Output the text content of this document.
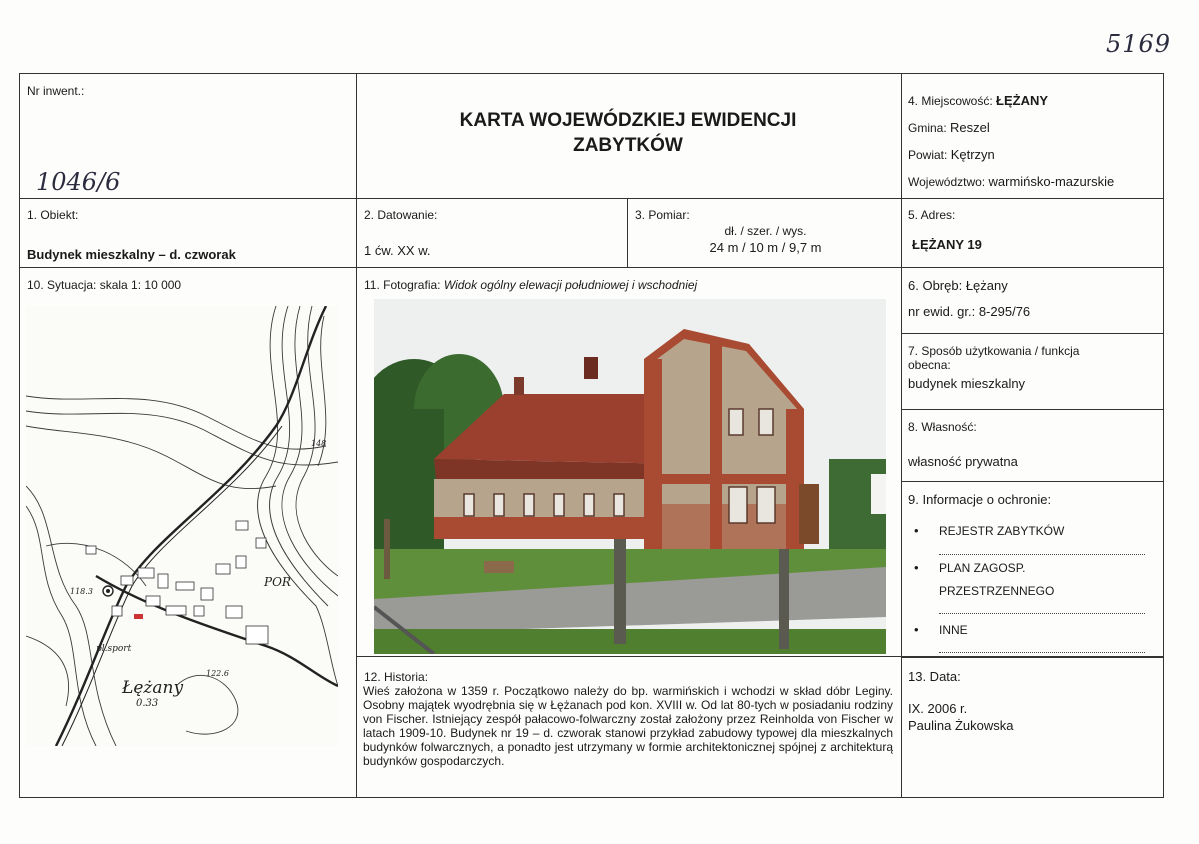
5169
1046/6
Nr inwent.:
KARTA WOJEWÓDZKIEJ EWIDENCJI
ZABYTKÓW
4. Miejscowość: ŁĘŻANY
Gmina: Reszel
Powiat: Kętrzyn
Województwo: warmińsko-mazurskie
1. Obiekt:
Budynek mieszkalny – d. czworak
2. Datowanie:
1 ćw. XX w.
3. Pomiar:
dł. / szer. / wys.
24 m / 10 m / 9,7 m
5. Adres:
ŁĘŻANY 19
10. Sytuacja: skala 1: 10 000
Łężany
0.33
pl.sport
POR
148
122.6
118.3
11. Fotografia: Widok ogólny elewacji południowej i wschodniej	6. Obręb: Łężany
nr ewid. gr.: 8-295/76
7. Sposób użytkowania / funkcja
obecna:
budynek mieszkalny
8. Własność:
własność prywatna
9. Informacje o ochronie:
• REJESTR ZABYTKÓW
• PLAN ZAGOSP.
PRZESTRZENNEGO
• INNE
12. Historia:
Wieś założona w 1359 r. Początkowo należy do bp. warmińskich i wchodzi w skład dóbr Leginy. Osobny majątek wyodrębnia się w Łężanach pod kon. XVIII w. Od lat 80-tych w posiadaniu rodziny von Fischer. Istniejący zespół pałacowo-folwarczny został założony przez Reinholda von Fischer w latach 1909-10. Budynek nr 19 – d. czworak stanowi przykład zabudowy typowej dla mieszkalnych budynków folwarcznych, a ponadto jest utrzymany w formie architektonicznej spójnej z architekturą budynków gospodarczych.
13. Data:
IX. 2006 r.
Paulina Żukowska
